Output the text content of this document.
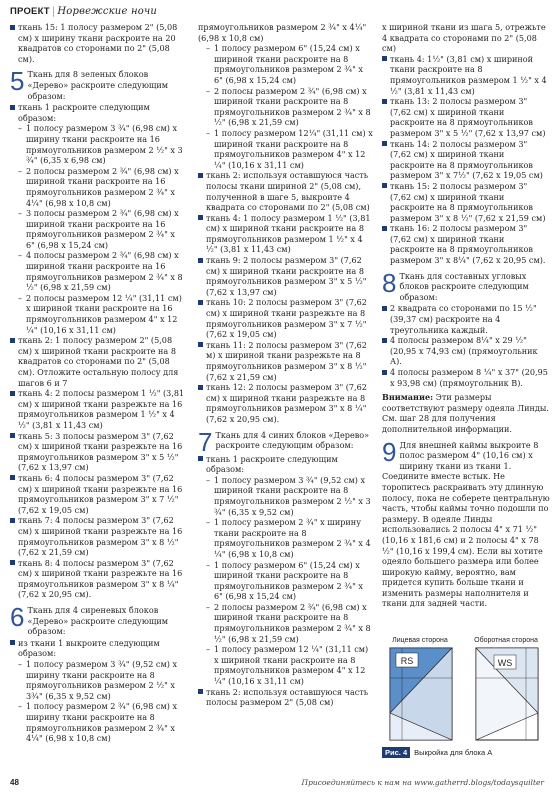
ПРОЕКТ | Норвежские ночи

ткань 15: 1 полосу размером 2" (5,08 см) х ширину ткани раскроите на 20 квадратов со сторонами по 2" (5,08 см).

5 Ткань для 8 зеленых блоков «Дерево» раскроите следующим образом:

ткань 1 раскроите следующим образом:

– 1 полосу размером 3 ¾" (6,98 см) х ширину ткани раскроите на 16 прямоугольников размером 2 ½" х 3 ¾" (6,35 х 6,98 см)

– 2 полосы размером 2 ¾" (6,98 см) х шириной ткани раскроите на 16 прямоугольников размером 2 ¾" х 4¼" (6,98 х 10,8 см)

– 3 полосы размером 2 ¾" (6,98 см) х шириной ткани раскроите на 16 прямоугольников размером 2 ¾" х 6" (6,98 х 15,24 см)

– 4 полосы размером 2 ¾" (6,98 см) х шириной ткани раскроите на 16 прямоугольников размером 2 ¾" х 8 ½" (6,98 х 21,59 см)

– 2 полосы размером 12 ¼" (31,11 см) х шириной ткани раскроите на 16 прямоугольников размером 4" х 12 ¼" (10,16 х 31,11 см)

ткань 2: 1 полосу размером 2" (5,08 см) х шириной ткани раскроите на 8 квадратов со сторонами по 2" (5,08 см). Отложите остальную полосу для шагов 6 и 7

ткань 4: 2 полосы размером 1 ½" (3,81 см) х шириной ткани разрежьте на 16 прямоугольников размером 1 ½" х 4 ½" (3,81 х 11,43 см)

ткань 5: 3 полосы размером 3" (7,62 см) х шириной ткани разрежьте на 16 прямоугольников размером 3" х 5 ½" (7,62 х 13,97 см)

ткань 6: 4 полосы размером 3" (7,62 см) х шириной ткани разрежьте на 16 прямоугольников размером 3" х 7 ½" (7,62 х 19,05 см)

ткань 7: 4 полосы размером 3" (7,62 см) х шириной ткани разрежьте на 16 прямоугольников размером 3" х 8 ½" (7,62 х 21,59 см)

ткань 8: 4 полосы размером 3" (7,62 см) х шириной ткани разрежьте на 16 прямоугольников размером 3" х 8 ¼" (7,62 х 20,95 см).

6 Ткань для 4 сиреневых блоков «Дерево» раскроите следующим образом:

из ткани 1 выкроите следующим образом:

– 1 полосу размером 3 ¾" (9,52 см) х ширину ткани раскроите на 8 прямоугольников размером 2 ½" х 3¾" (6,35 х 9,52 см)

– 1 полосу размером 2 ¾" (6,98 см) х ширину ткани раскроите на 8 прямоугольников размером 2 ¾" х 4¼" (6,98 х 10,8 см)

прямоугольников размером 2 ¾" х 4¼" (6,98 х 10,8 см)

– 1 полосу размером 6" (15,24 см) х шириной ткани раскроите на 8 прямоугольников размером 2 ¾" х 6" (6,98 х 15,24 см)

– 2 полосы размером 2 ¾" (6,98 см) х шириной ткани раскроите на 8 прямоугольников размером 2 ¾" х 8 ½" (6,98 х 21,59 см)

– 1 полосу размером 12¼" (31,11 см) х шириной ткани раскроите на 8 прямоугольников размером 4" х 12 ¼" (10,16 х 31,11 см)

ткань 2: используя оставшуюся часть полосы ткани шириной 2" (5,08 см), полученной в шаге 5, выкроите 4 квадрата со сторонами по 2" (5,08 см)

ткань 4: 1 полосу размером 1 ½" (3,81 см) х шириной ткани раскроите на 8 прямоугольников размером 1 ½" х 4 ½" (3,81 х 11,43 см)

ткань 9: 2 полосы размером 3" (7,62 см) х шириной ткани раскроите на 8 прямоугольников размером 3" х 5 ½" (7,62 х 13,97 см)

ткань 10: 2 полосы размером 3" (7,62 см) х шириной ткани разрежьте на 8 прямоугольников размером 3" х 7 ½" (7,62 х 19,05 см)

ткань 11: 2 полосы размером 3" (7,62 м) х шириной ткани разрежьте на 8 прямоугольников размером 3" х 8 ½" (7,62 х 21,59 см)

ткань 12: 2 полосы размером 3" (7,62 см) х шириной ткани разрежьте на 8 прямоугольников размером 3" х 8 ¼" (7,62 х 20,95 см).

7 Ткань для 4 синих блоков «Дерево» раскроите следующим образом:

ткань 1 раскроите следующим образом:

– 1 полосу размером 3 ¾" (9,52 см) х шириной ткани раскроите на 8 прямоугольников размером 2 ½" х 3 ¾" (6,35 х 9,52 см)

– 1 полосу размером 2 ¾" х ширину ткани раскроите на 8 прямоугольников размером 2 ¾" х 4 ¼" (6,98 х 10,8 см)

– 1 полосу размером 6" (15,24 см) х шириной ткани раскроите на 8 прямоугольников размером 2 ¾" х 6" (6,98 х 15,24 см)

– 2 полосы размером 2 ¾" (6,98 см) х шириной ткани раскроите на 8 прямоугольников размером 2 ¾" х 8 ½" (6,98 х 21,59 см)

– 1 полосу размером 12 ¼" (31,11 см) х шириной ткани раскроите на 8 прямоугольников размером 4" х 12 ¼" (10,16 х 31,11 см)

ткань 2: используя оставшуюся часть полосы размером 2" (5,08 см)

х шириной ткани из шага 5, отрежьте 4 квадрата со сторонами по 2" (5,08 см)

ткань 4: 1½" (3,81 см) х шириной ткани раскроите на 8 прямоугольников размером 1 ½" х 4 ½" (3,81 х 11,43 см)

ткань 13: 2 полосы размером 3" (7,62 см) х шириной ткани раскроите на 8 прямоугольников размером 3" х 5 ½" (7,62 х 13,97 см)

ткань 14: 2 полосы размером 3" (7,62 см) х шириной ткани раскроите на 8 прямоугольников размером 3" х 7½" (7,62 х 19,05 см)

ткань 15: 2 полосы размером 3" (7,62 см) х шириной ткани раскроите на 8 прямоугольников размером 3" х 8 ½" (7,62 х 21,59 см)

ткань 16: 2 полосы размером 3" (7,62 см) х шириной ткани раскроите на 8 прямоугольников размером 3" х 8¼" (7,62 х 20,95 см).

8 Ткань для составных угловых блоков раскроите следующим образом:

2 квадрата со сторонами по 15 ½" (39,37 см) раскроите на 4 треугольника каждый.

4 полосы размером 8¼" х 29 ½" (20,95 х 74,93 см) (прямоугольник А).

4 полосы размером 8 ¼" х 37" (20,95 х 93,98 см) (прямоугольник В).

Внимание: Эти размеры соответствуют размеру одеяла Линды. См. шаг 28 для получения дополнительной информации.

9 Для внешней каймы выкроите 8 полос размером 4" (10,16 см) х ширину ткани из ткани 1. Соедините вместе встык. Не торопитесь раскраивать эту длинную полосу, пока не соберете центральную часть, чтобы каймы точно подошли по размеру. В одеяле Линды использовались 2 полосы 4" х 71 ½" (10,16 х 181,6 см) и 2 полосы 4" х 78 ½" (10,16 х 199,4 см). Если вы хотите одеяло большего размера или более широкую кайму, вероятно, вам придется купить больше ткани и изменить размеры наполнителя и ткани для задней части.
Лицевая сторона	Оборотная сторона
RS	WS
Рис. 4 Выкройка для блока А
48	Присоединяйтесь к нам на www.gatherrd.blogs/todaysquilter
